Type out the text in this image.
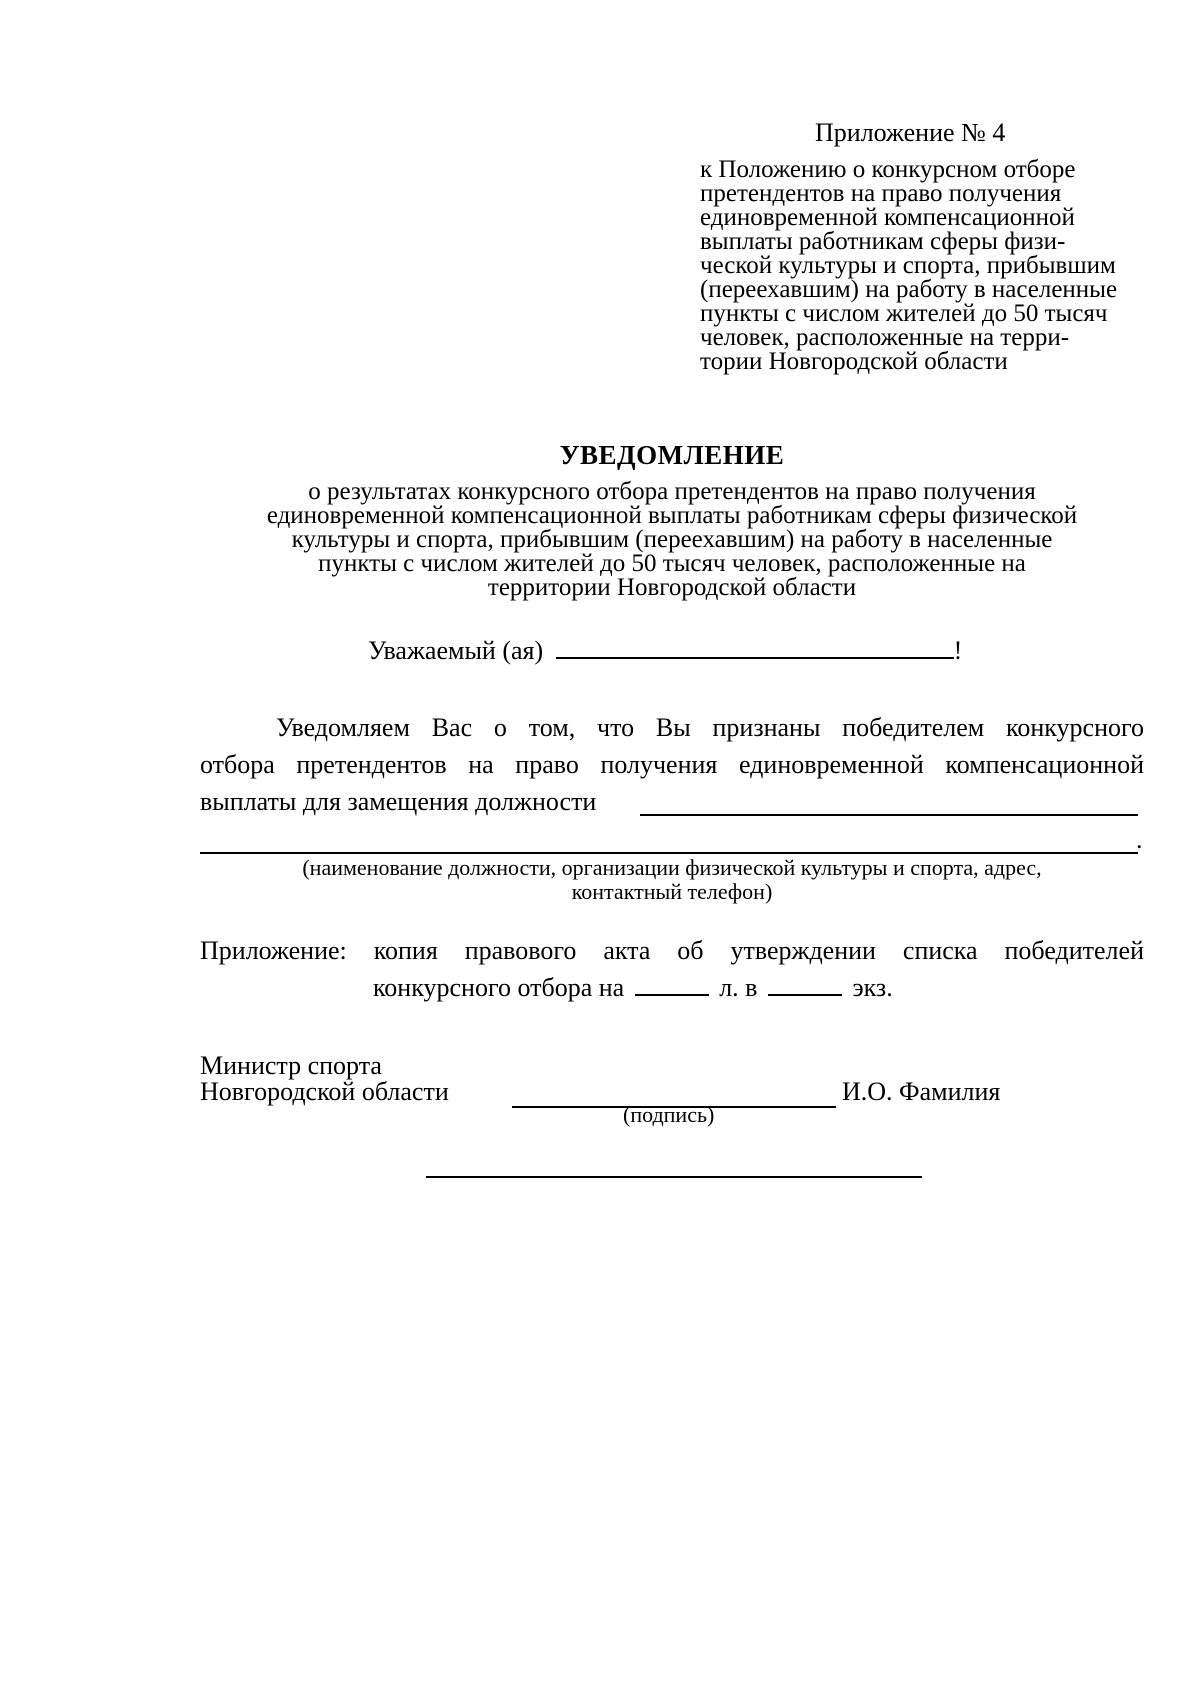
Приложение № 4
к Положению о конкурсном отборе
претендентов на право получения
единовременной компенсационной
выплаты работникам сферы физи-
ческой культуры и спорта, прибывшим
(переехавшим) на работу в населенные
пункты с числом жителей до 50 тысяч
человек, расположенные на терри-
тории Новгородской области
УВЕДОМЛЕНИЕ
о результатах конкурсного отбора претендентов на право получения
единовременной компенсационной выплаты работникам сферы физической
культуры и спорта, прибывшим (переехавшим) на работу в населенные
пункты с числом жителей до 50 тысяч человек, расположенные на
территории Новгородской области
Уважаемый (ая)	!
Уведомляем Вас о том, что Вы признаны победителем конкурсного
отбора претендентов на право получения единовременной компенсационной
выплаты для замещения должности
.
(наименование должности, организации физической культуры и спорта, адрес,
контактный телефон)
Приложение: копия правового акта об утверждении списка победителей
конкурсного отбора на	л. в	экз.
Министр спорта
Новгородской области
(подпись)
И.О. Фамилия
